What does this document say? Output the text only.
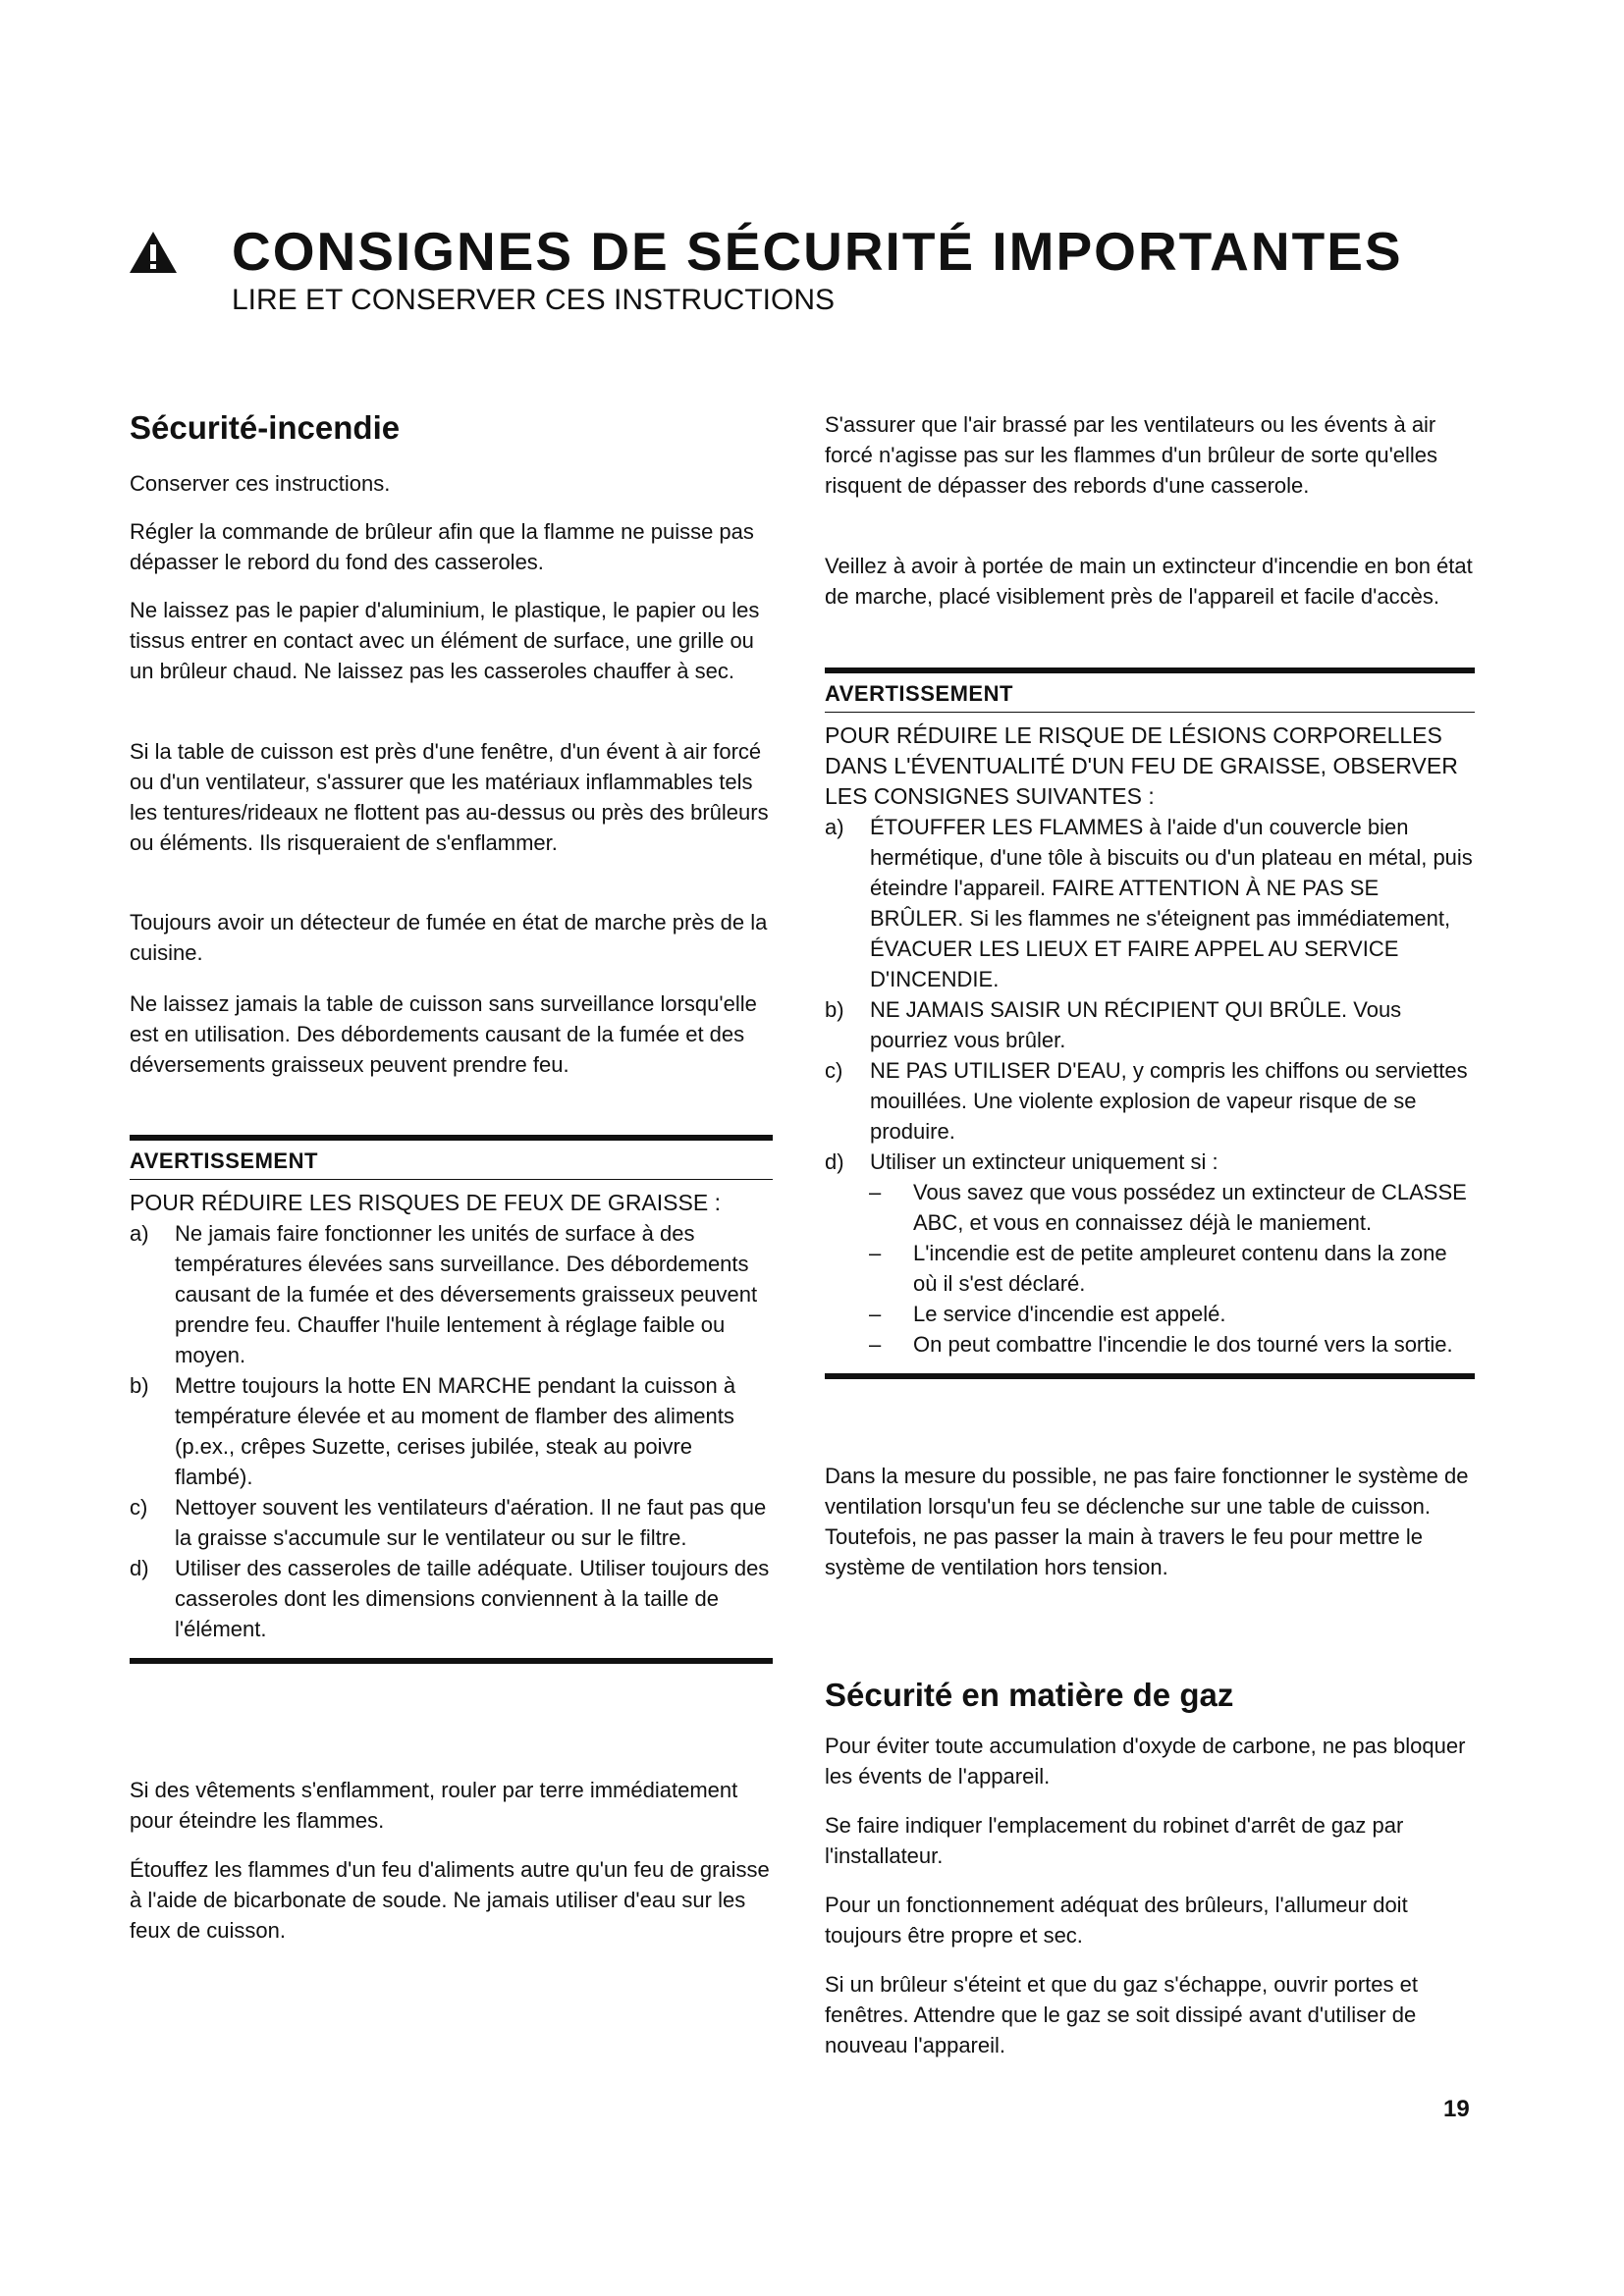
CONSIGNES DE SÉCURITÉ IMPORTANTES
LIRE ET CONSERVER CES INSTRUCTIONS
Sécurité-incendie

Conserver ces instructions.

Régler la commande de brûleur afin que la flamme ne puisse pas dépasser le rebord du fond des casseroles.

Ne laissez pas le papier d'aluminium, le plastique, le papier ou les tissus entrer en contact avec un élément de surface, une grille ou un brûleur chaud. Ne laissez pas les casseroles chauffer à sec.

Si la table de cuisson est près d'une fenêtre, d'un évent à air forcé ou d'un ventilateur, s'assurer que les matériaux inflammables tels les tentures/rideaux ne flottent pas au-dessus ou près des brûleurs ou éléments. Ils risqueraient de s'enflammer.

Toujours avoir un détecteur de fumée en état de marche près de la cuisine.

Ne laissez jamais la table de cuisson sans surveillance lorsqu'elle est en utilisation. Des débordements causant de la fumée et des déversements graisseux peuvent prendre feu.

AVERTISSEMENT

POUR RÉDUIRE LES RISQUES DE FEUX DE GRAISSE :

a) Ne jamais faire fonctionner les unités de surface à des températures élevées sans surveillance. Des débordements causant de la fumée et des déversements graisseux peuvent prendre feu. Chauffer l'huile lentement à réglage faible ou moyen.
b) Mettre toujours la hotte EN MARCHE pendant la cuisson à température élevée et au moment de flamber des aliments (p.ex., crêpes Suzette, cerises jubilée, steak au poivre flambé).
c) Nettoyer souvent les ventilateurs d'aération. Il ne faut pas que la graisse s'accumule sur le ventilateur ou sur le filtre.
d) Utiliser des casseroles de taille adéquate. Utiliser toujours des casseroles dont les dimensions conviennent à la taille de l'élément.

Si des vêtements s'enflamment, rouler par terre immédiatement pour éteindre les flammes.

Étouffez les flammes d'un feu d'aliments autre qu'un feu de graisse à l'aide de bicarbonate de soude. Ne jamais utiliser d'eau sur les feux de cuisson.

S'assurer que l'air brassé par les ventilateurs ou les évents à air forcé n'agisse pas sur les flammes d'un brûleur de sorte qu'elles risquent de dépasser des rebords d'une casserole.

Veillez à avoir à portée de main un extincteur d'incendie en bon état de marche, placé visiblement près de l'appareil et facile d'accès.

AVERTISSEMENT

POUR RÉDUIRE LE RISQUE DE LÉSIONS CORPORELLES DANS L'ÉVENTUALITÉ D'UN FEU DE GRAISSE, OBSERVER LES CONSIGNES SUIVANTES :

a) ÉTOUFFER LES FLAMMES à l'aide d'un couvercle bien hermétique, d'une tôle à biscuits ou d'un plateau en métal, puis éteindre l'appareil. FAIRE ATTENTION À NE PAS SE BRÛLER. Si les flammes ne s'éteignent pas immédiatement, ÉVACUER LES LIEUX ET FAIRE APPEL AU SERVICE D'INCENDIE.
b) NE JAMAIS SAISIR UN RÉCIPIENT QUI BRÛLE. Vous pourriez vous brûler.
c) NE PAS UTILISER D'EAU, y compris les chiffons ou serviettes mouillées. Une violente explosion de vapeur risque de se produire.
d) Utiliser un extincteur uniquement si :
– Vous savez que vous possédez un extincteur de CLASSE ABC, et vous en connaissez déjà le maniement.
– L'incendie est de petite ampleuret contenu dans la zone où il s'est déclaré.
– Le service d'incendie est appelé.
– On peut combattre l'incendie le dos tourné vers la sortie.

Dans la mesure du possible, ne pas faire fonctionner le système de ventilation lorsqu'un feu se déclenche sur une table de cuisson. Toutefois, ne pas passer la main à travers le feu pour mettre le système de ventilation hors tension.

Sécurité en matière de gaz

Pour éviter toute accumulation d'oxyde de carbone, ne pas bloquer les évents de l'appareil.

Se faire indiquer l'emplacement du robinet d'arrêt de gaz par l'installateur.

Pour un fonctionnement adéquat des brûleurs, l'allumeur doit toujours être propre et sec.

Si un brûleur s'éteint et que du gaz s'échappe, ouvrir portes et fenêtres. Attendre que le gaz se soit dissipé avant d'utiliser de nouveau l'appareil.

19
